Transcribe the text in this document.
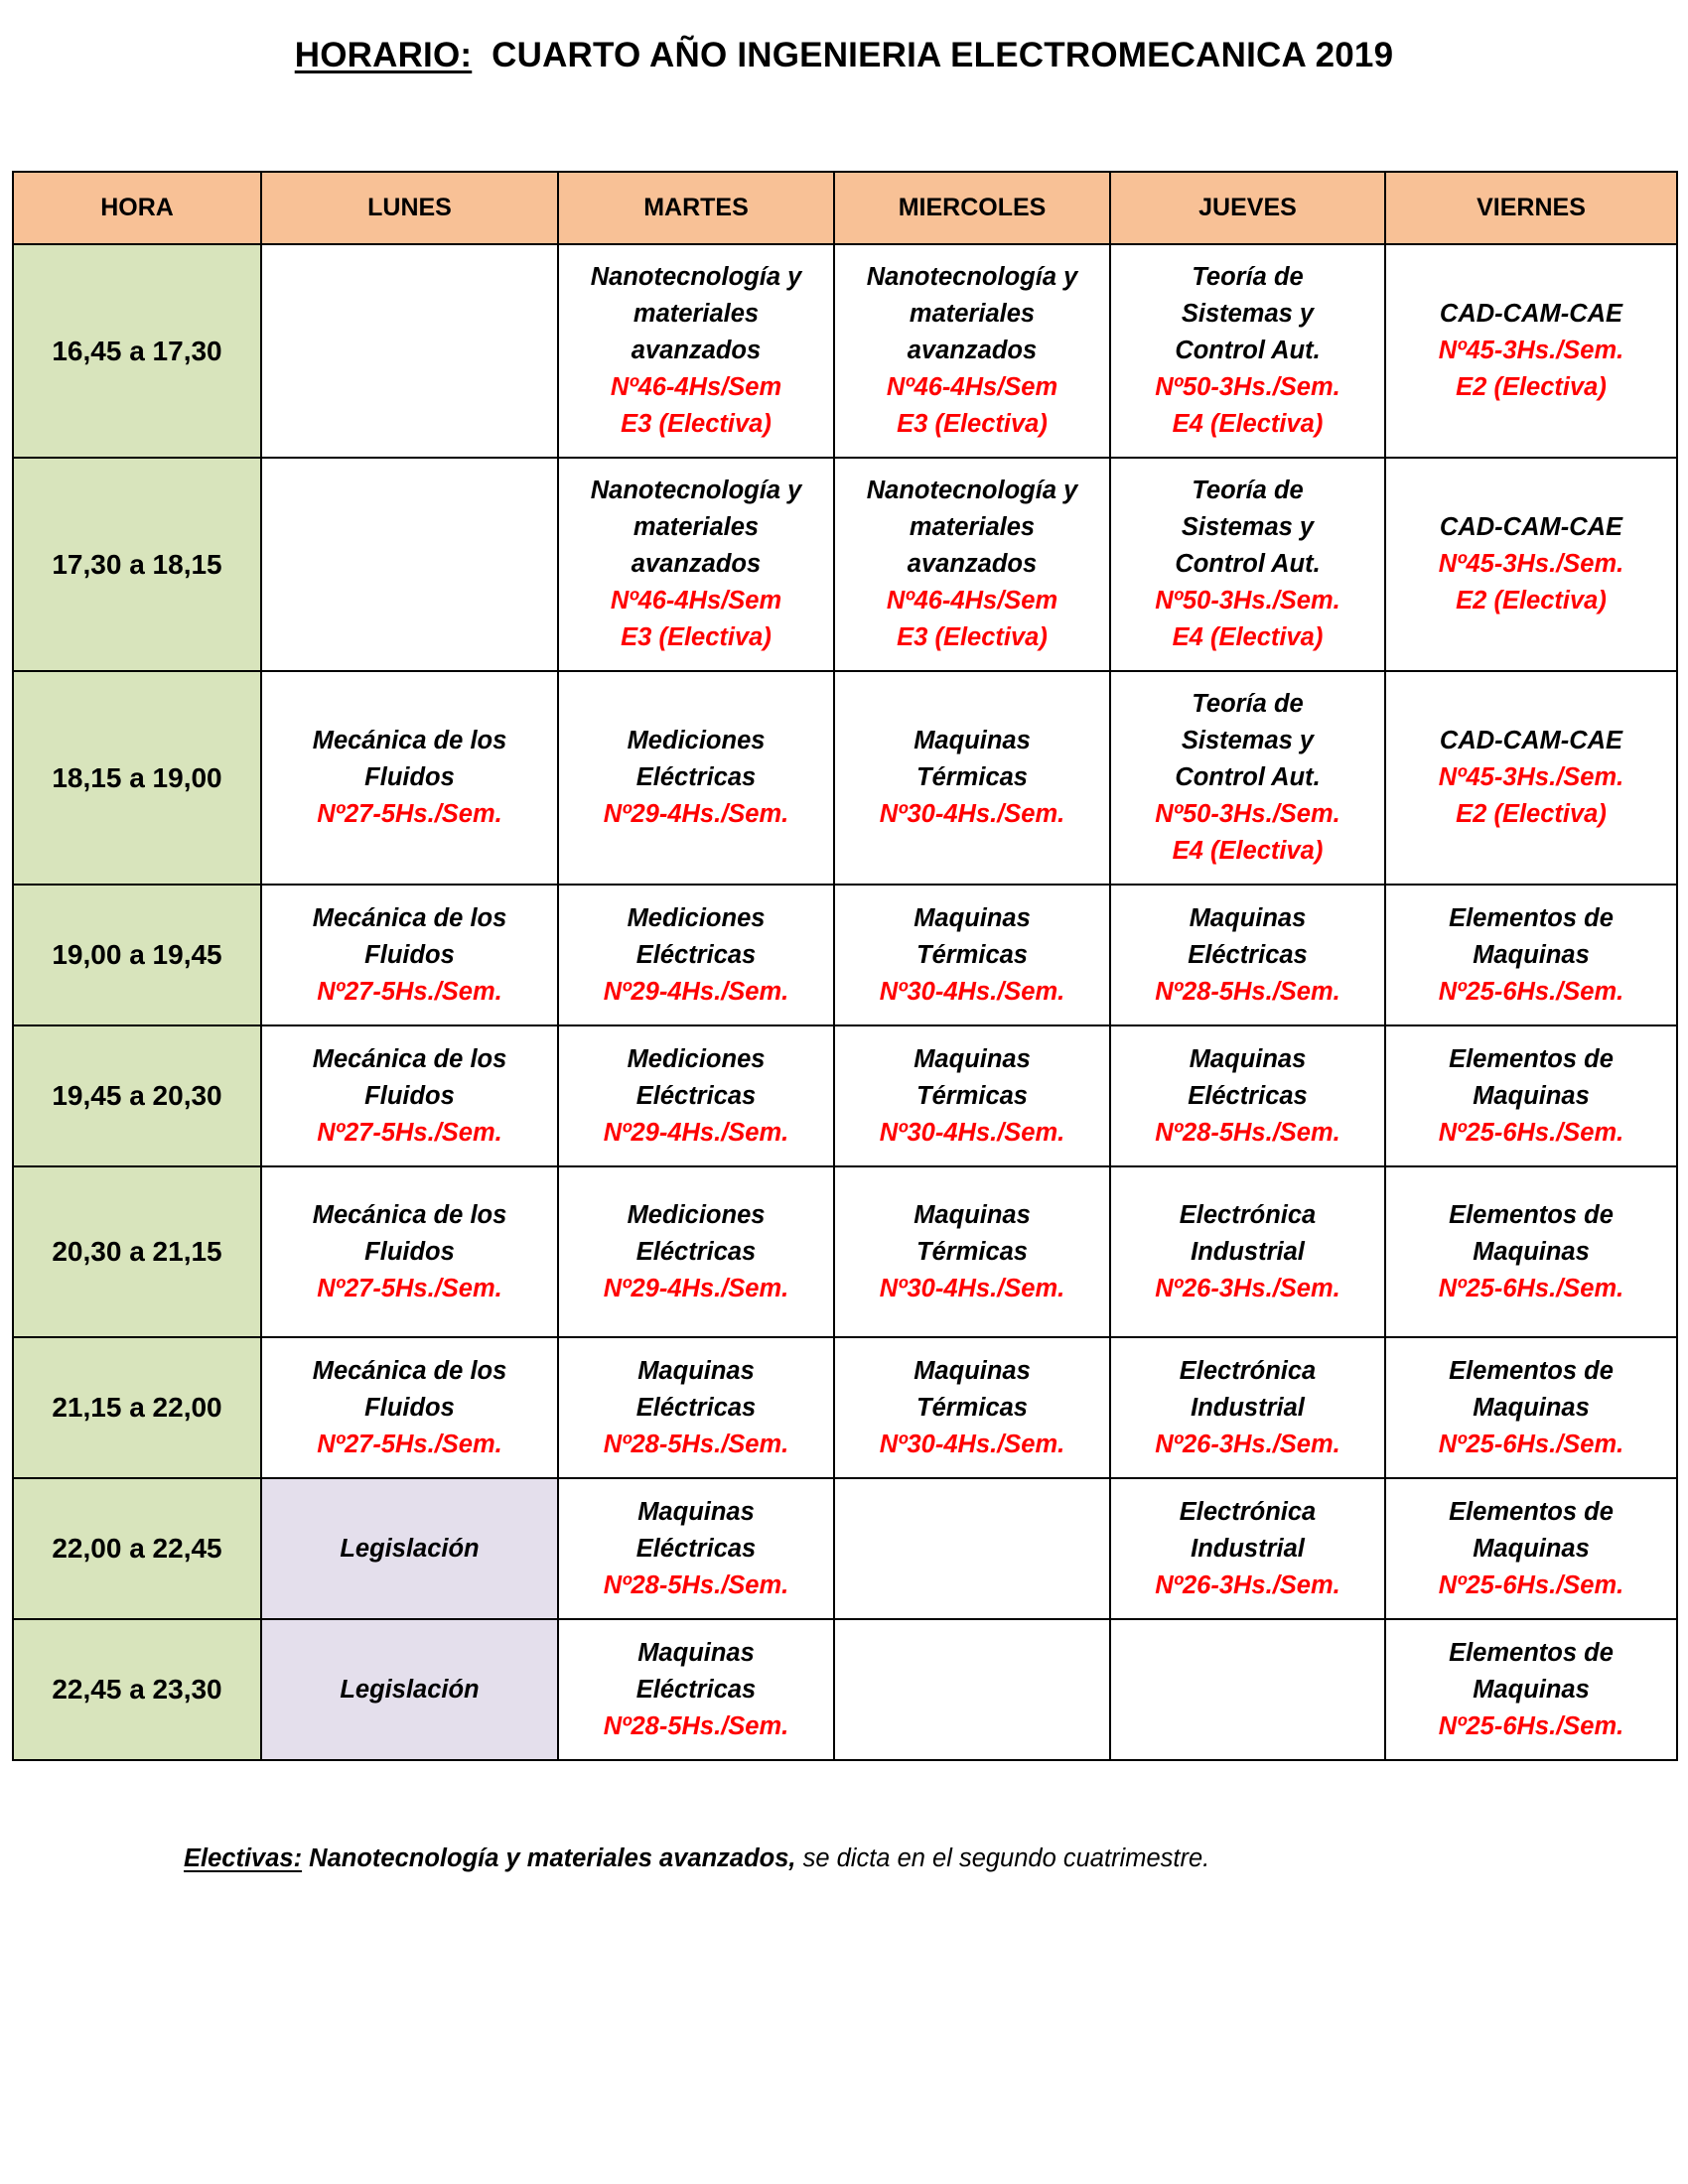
HORARIO: CUARTO AÑO INGENIERIA ELECTROMECANICA 2019
HORA	LUNES	MARTES	MIERCOLES	JUEVES	VIERNES
16,45 a 17,30		Nanotecnología y
materiales
avanzados
Nº46-4Hs/Sem
E3 (Electiva)	Nanotecnología y
materiales
avanzados
Nº46-4Hs/Sem
E3 (Electiva)	Teoría de
Sistemas y
Control Aut.
Nº50-3Hs./Sem.
E4 (Electiva)	CAD-CAM-CAE
Nº45-3Hs./Sem.
E2 (Electiva)

17,30 a 18,15		Nanotecnología y
materiales
avanzados
Nº46-4Hs/Sem
E3 (Electiva)	Nanotecnología y
materiales
avanzados
Nº46-4Hs/Sem
E3 (Electiva)	Teoría de
Sistemas y
Control Aut.
Nº50-3Hs./Sem.
E4 (Electiva)	CAD-CAM-CAE
Nº45-3Hs./Sem.
E2 (Electiva)

18,15 a 19,00	Mecánica de los
Fluidos
Nº27-5Hs./Sem.	Mediciones
Eléctricas
Nº29-4Hs./Sem.	Maquinas
Térmicas
Nº30-4Hs./Sem.	Teoría de
Sistemas y
Control Aut.
Nº50-3Hs./Sem.
E4 (Electiva)	CAD-CAM-CAE
Nº45-3Hs./Sem.
E2 (Electiva)

19,00 a 19,45	Mecánica de los
Fluidos
Nº27-5Hs./Sem.	Mediciones
Eléctricas
Nº29-4Hs./Sem.	Maquinas
Térmicas
Nº30-4Hs./Sem.	Maquinas
Eléctricas
Nº28-5Hs./Sem.	Elementos de
Maquinas
Nº25-6Hs./Sem.

19,45 a 20,30	Mecánica de los
Fluidos
Nº27-5Hs./Sem.	Mediciones
Eléctricas
Nº29-4Hs./Sem.	Maquinas
Térmicas
Nº30-4Hs./Sem.	Maquinas
Eléctricas
Nº28-5Hs./Sem.	Elementos de
Maquinas
Nº25-6Hs./Sem.

20,30 a 21,15	Mecánica de los
Fluidos
Nº27-5Hs./Sem.	Mediciones
Eléctricas
Nº29-4Hs./Sem.	Maquinas
Térmicas
Nº30-4Hs./Sem.	Electrónica
Industrial
Nº26-3Hs./Sem.	Elementos de
Maquinas
Nº25-6Hs./Sem.

21,15 a 22,00	Mecánica de los
Fluidos
Nº27-5Hs./Sem.	Maquinas
Eléctricas
Nº28-5Hs./Sem.	Maquinas
Térmicas
Nº30-4Hs./Sem.	Electrónica
Industrial
Nº26-3Hs./Sem.	Elementos de
Maquinas
Nº25-6Hs./Sem.

22,00 a 22,45	Legislación	Maquinas
Eléctricas
Nº28-5Hs./Sem.		Electrónica
Industrial
Nº26-3Hs./Sem.	Elementos de
Maquinas
Nº25-6Hs./Sem.

22,45 a 23,30	Legislación	Maquinas
Eléctricas
Nº28-5Hs./Sem.			Elementos de
Maquinas
Nº25-6Hs./Sem.
Electivas: Nanotecnología y materiales avanzados, se dicta en el segundo cuatrimestre.
